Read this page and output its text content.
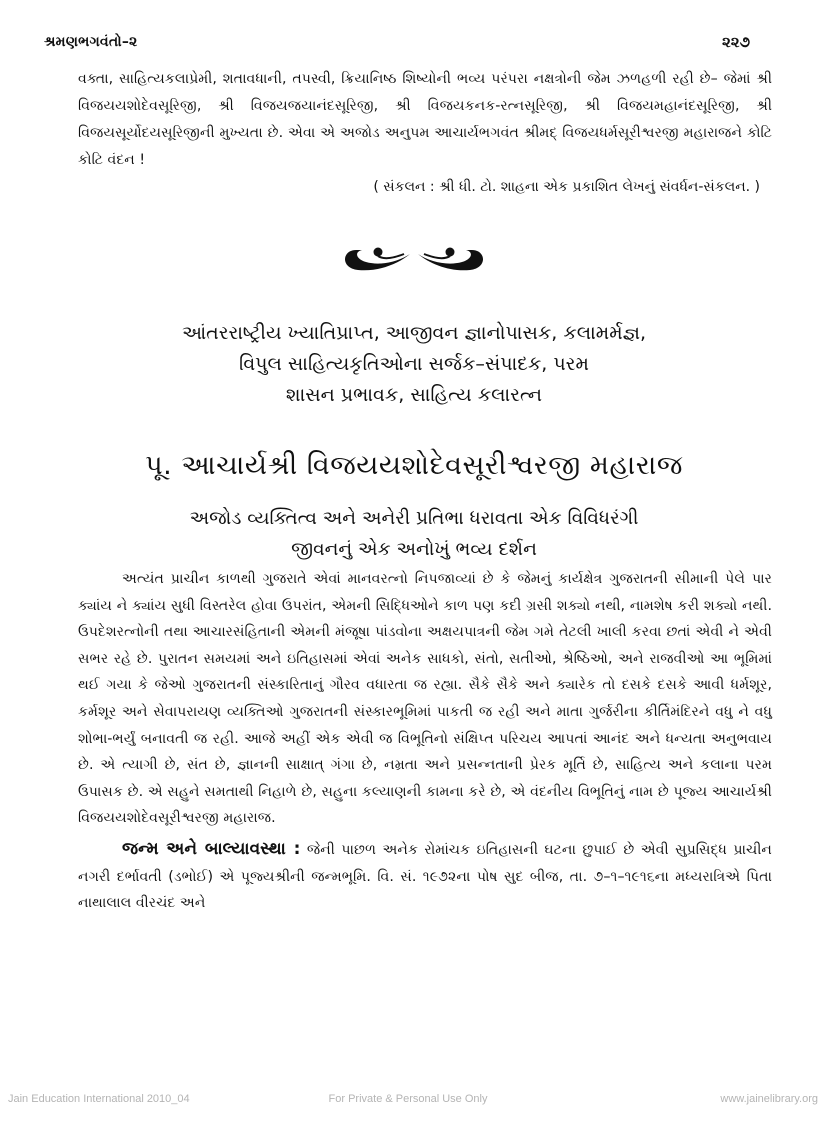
શ્રમણભગવંતો–૨	૨૨૭

વક્તા, સાહિત્યકલાપ્રેમી, શતાવધાની, તપસ્વી, ક્રિયાનિષ્ઠ શિષ્યોની ભવ્ય પરંપરા નક્ષત્રોની જેમ ઝળહળી રહી છે– જેમાં શ્રી વિજયયશોદેવસૂરિજી, શ્રી વિજયજયાનંદસૂરિજી, શ્રી વિજયકનક-રત્નસૂરિજી, શ્રી વિજયમહાનંદસૂરિજી, શ્રી વિજયસૂર્યોદયસૂરિજીની મુખ્યતા છે. એવા એ અજોડ અનુપમ આચાર્યભગવંત શ્રીમદ્ વિજયધર્મસૂરીશ્વરજી મહારાજને કોટિ કોટિ વંદન !

( સંકલન : શ્રી ધી. ટો. શાહના એક પ્રકાશિત લેખનું સંવર્ધન-સંકલન. )

આંતરરાષ્ટ્રીય ખ્યાતિપ્રાપ્ત, આજીવન જ્ઞાનોપાસક, કલામર્મજ્ઞ,
વિપુલ સાહિત્યકૃતિઓના સર્જક–સંપાદક, પરમ
શાસન પ્રભાવક, સાહિત્ય કલારત્ન
પૂ. આચાર્યશ્રી વિજયયશોદેવસૂરીશ્વરજી મહારાજ
અજોડ વ્યક્તિત્વ અને અનેરી પ્રતિભા ધરાવતા એક વિવિધરંગી
જીવનનું એક અનોખું ભવ્ય દર્શન

અત્યંત પ્રાચીન કાળથી ગુજરાતે એવાં માનવરત્નો નિપજાવ્યાં છે કે જેમનું કાર્યક્ષેત્ર ગુજરાતની સીમાની પેલે પાર ક્યાંય ને ક્યાંય સુધી વિસ્તરેલ હોવા ઉપરાંત, એમની સિદ્ધિઓને કાળ પણ કદી ગ્રસી શક્યો નથી, નામશેષ કરી શક્યો નથી. ઉપદેશરત્નોની તથા આચારસંહિતાની એમની મંજૂષા પાંડવોના અક્ષયપાત્રની જેમ ગમે તેટલી ખાલી કરવા છતાં એવી ને એવી સભર રહે છે. પુરાતન સમયમાં અને ઇતિહાસમાં એવાં અનેક સાધકો, સંતો, સતીઓ, શ્રેષ્ઠિઓ, અને રાજવીઓ આ ભૂમિમાં થઈ ગયા કે જેઓ ગુજરાતની સંસ્કારિતાનું ગૌરવ વધારતા જ રહ્યા. સૈકે સૈકે અને ક્યારેક તો દસકે દસકે આવી ધર્મશૂર, કર્મશૂર અને સેવાપરાયણ વ્યક્તિઓ ગુજરાતની સંસ્કારભૂમિમાં પાકતી જ રહી અને માતા ગુર્જરીના કીર્તિમંદિરને વધુ ને વધુ શોભા-ભર્યું બનાવતી જ રહી. આજે અહીં એક એવી જ વિભૂતિનો સંક્ષિપ્ત પરિચય આપતાં આનંદ અને ધન્યતા અનુભવાય છે. એ ત્યાગી છે, સંત છે, જ્ઞાનની સાક્ષાત્ ગંગા છે, નમ્રતા અને પ્રસન્નતાની પ્રેરક મૂર્તિ છે, સાહિત્ય અને કલાના પરમ ઉપાસક છે. એ સહુને સમતાથી નિહાળે છે, સહુના કલ્યાણની કામના કરે છે, એ વંદનીય વિભૂતિનું નામ છે પૂજ્ય આચાર્યશ્રી વિજયયશોદેવસૂરીશ્વરજી મહારાજ.

જન્મ અને બાલ્યાવસ્થા : જેની પાછળ અનેક રોમાંચક ઇતિહાસની ઘટના છુપાઈ છે એવી સુપ્રસિદ્ધ પ્રાચીન નગરી દર્ભાવતી (ડભોઈ) એ પૂજ્યશ્રીની જન્મભૂમિ. વિ. સં. ૧૯૭૨ના પોષ સુદ બીજ, તા. ૭–૧–૧૯૧૬ના મધ્યરાત્રિએ પિતા નાથાલાલ વીરચંદ અને

Jain Education International 2010_04	For Private & Personal Use Only	www.jainelibrary.org
